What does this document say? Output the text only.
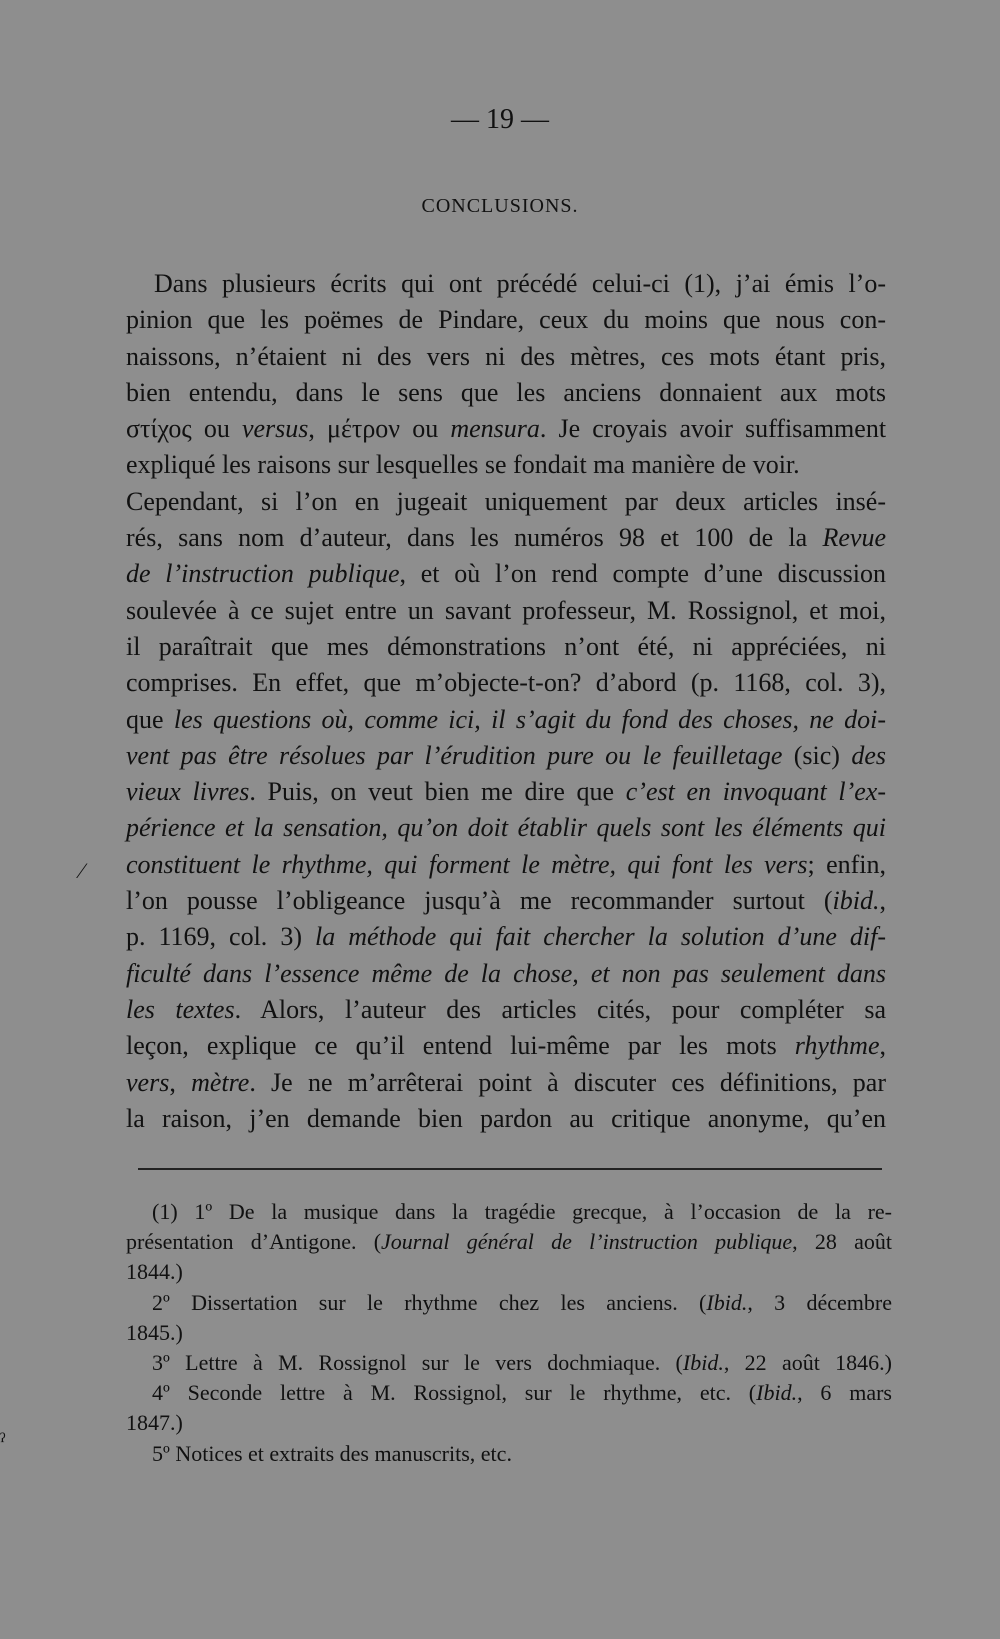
— 19 —
CONCLUSIONS.
Dans plusieurs écrits qui ont précédé celui-ci (1), j’ai émis l’o-
pinion que les poëmes de Pindare, ceux du moins que nous con-
naissons, n’étaient ni des vers ni des mètres, ces mots étant pris,
bien entendu, dans le sens que les anciens donnaient aux mots
στίχος ou versus, μέτρον ou mensura. Je croyais avoir suffisamment
expliqué les raisons sur lesquelles se fondait ma manière de voir.
Cependant, si l’on en jugeait uniquement par deux articles insé-
rés, sans nom d’auteur, dans les numéros 98 et 100 de la Revue
de l’instruction publique, et où l’on rend compte d’une discussion
soulevée à ce sujet entre un savant professeur, M. Rossignol, et moi,
il paraîtrait que mes démonstrations n’ont été, ni appréciées, ni
comprises. En effet, que m’objecte-t-on? d’abord (p. 1168, col. 3),
que les questions où, comme ici, il s’agit du fond des choses, ne doi-
vent pas être résolues par l’érudition pure ou le feuilletage (sic) des
vieux livres. Puis, on veut bien me dire que c’est en invoquant l’ex-
périence et la sensation, qu’on doit établir quels sont les éléments qui
constituent le rhythme, qui forment le mètre, qui font les vers; enfin,
l’on pousse l’obligeance jusqu’à me recommander surtout (ibid.,
p. 1169, col. 3) la méthode qui fait chercher la solution d’une dif-
ficulté dans l’essence même de la chose, et non pas seulement dans
les textes. Alors, l’auteur des articles cités, pour compléter sa
leçon, explique ce qu’il entend lui-même par les mots rhythme,
vers, mètre. Je ne m’arrêterai point à discuter ces définitions, par
la raison, j’en demande bien pardon au critique anonyme, qu’en
(1) 1º De la musique dans la tragédie grecque, à l’occasion de la re-
présentation d’Antigone. (Journal général de l’instruction publique, 28 août
1844.)
2º Dissertation sur le rhythme chez les anciens. (Ibid., 3 décembre
1845.)
3º Lettre à M. Rossignol sur le vers dochmiaque. (Ibid., 22 août 1846.)
4º Seconde lettre à M. Rossignol, sur le rhythme, etc. (Ibid., 6 mars
1847.)
5º Notices et extraits des manuscrits, etc.
⁄
ˀ
